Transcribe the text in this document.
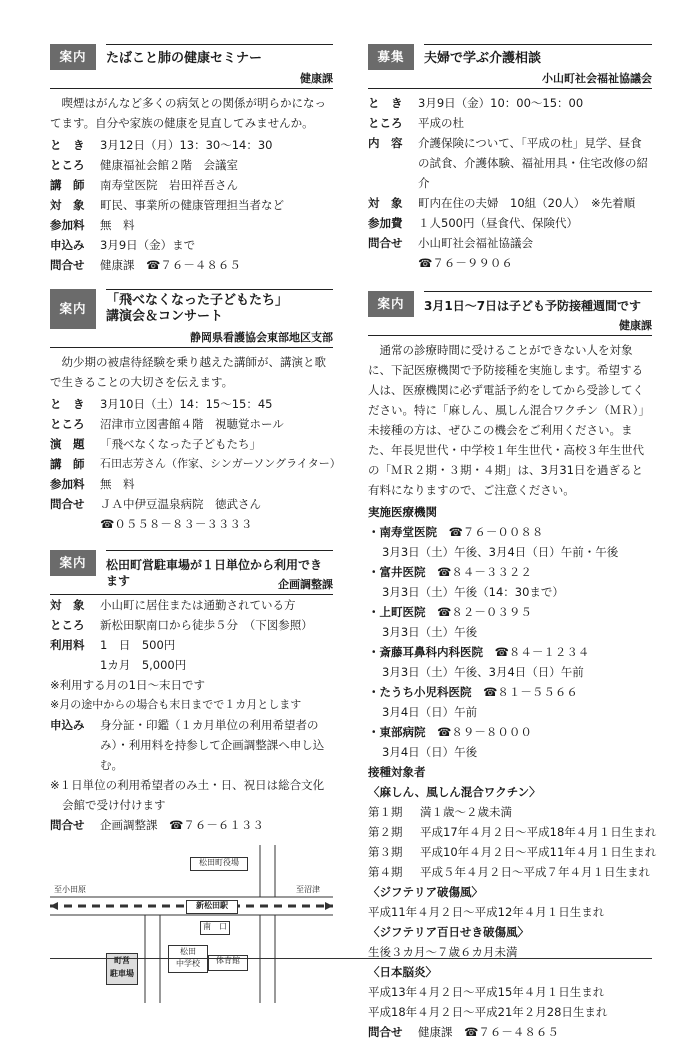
案内	たばこと肺の健康セミナー
健康課

喫煙はがんなど多くの病気との関係が明らかになってます。自分や家族の健康を見直してみませんか。

と　き	3月12日（月）13：30～14：30
ところ	健康福祉会館２階　会議室
講　師	南寿堂医院　岩田祥吾さん
対　象	町民、事業所の健康管理担当者など
参加料	無　料
申込み	3月9日（金）まで
問合せ	健康課　☎７６－４８６５
案内
「飛べなくなった子どもたち」
講演会＆コンサート
静岡県看護協会東部地区支部

幼少期の被虐待経験を乗り越えた講師が、講演と歌で生きることの大切さを伝えます。

と　き	3月10日（土）14：15～15：45
ところ	沼津市立図書館４階　視聴覚ホール
演　題	「飛べなくなった子どもたち」
講　師	石田志芳さん（作家、シンガーソングライター）
参加料	無　料
問合せ	ＪＡ中伊豆温泉病院　徳武さん
☎０５５８－８３－３３３３
案内	松田町営駐車場が１日単位から利用できます	企画調整課
対　象	小山町に居住または通勤されている方
ところ	新松田駅南口から徒歩５分　（下図参照）
利用料	1　日　500円
1カ月　5,000円
※利用する月の1日～末日です
※月の途中からの場合も末日までで１カ月とします
申込み	身分証・印鑑（１カ月単位の利用希望者のみ）・利用料を持参して企画調整課へ申し込む。
※１日単位の利用希望者のみ土・日、祝日は総合文化会館で受け付けます
問合せ	企画調整課　☎７６－６１３３
松田町役場
至小田原	至沼津
新松田駅
南　口
町営
駐車場
松田
中学校	体育館
募集	夫婦で学ぶ介護相談
小山町社会福祉協議会
と　き	3月9日（金）10：00～15：00
ところ	平成の杜
内　容	介護保険について、「平成の杜」見学、昼食の試食、介護体験、福祉用具・住宅改修の紹介
対　象	町内在住の夫婦　10組（20人）　※先着順
参加費	１人500円（昼食代、保険代）
問合せ	小山町社会福祉協議会
☎７６－９９０６
案内	3月1日～7日は子ども予防接種週間です
健康課

通常の診療時間に受けることができない人を対象に、下記医療機関で予防接種を実施します。希望する人は、医療機関に必ず電話予約をしてから受診してください。特に「麻しん、風しん混合ワクチン（ＭＲ）」未接種の方は、ぜひこの機会をご利用ください。また、年長児世代・中学校１年生世代・高校３年生世代の「ＭＲ２期・３期・４期」は、3月31日を過ぎると有料になりますので、ご注意ください。

実施医療機関
・南寿堂医院　 ☎７６－００８８
3月3日（土）午後、3月4日（日）午前・午後
・富井医院　 ☎８４－３３２２
3月3日（土）午後（14：30まで）
・上町医院　 ☎８２－０３９５
3月3日（土）午後
・斎藤耳鼻科内科医院　 ☎８４－１２３４
3月3日（土）午後、3月4日（日）午前
・たうち小児科医院　 ☎８１－５５６６
3月4日（日）午前
・東部病院　 ☎８９－８０００
3月4日（日）午後
接種対象者
〈麻しん、風しん混合ワクチン〉
第１期	満１歳～２歳未満
第２期	平成17年４月２日～平成18年４月１日生まれ
第３期	平成10年４月２日～平成11年４月１日生まれ
第４期	平成５年４月２日～平成７年４月１日生まれ
〈ジフテリア破傷風〉
平成11年４月２日～平成12年４月１日生まれ
〈ジフテリア百日せき破傷風〉
生後３カ月～７歳６カ月未満
〈日本脳炎〉
平成13年４月２日～平成15年４月１日生まれ
平成18年４月２日～平成21年２月28日生まれ
問合せ	健康課　☎７６－４８６５
